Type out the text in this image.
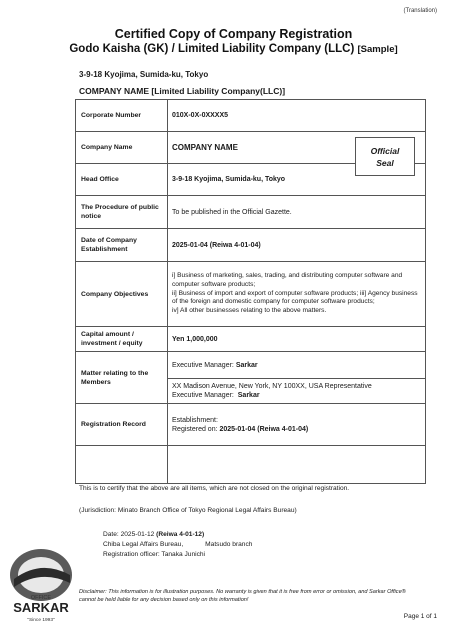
(Translation)
Certified Copy of Company Registration
Godo Kaisha (GK) / Limited Liability Company (LLC) [Sample]
3-9-18 Kyojima, Sumida-ku, Tokyo
COMPANY NAME [Limited Liability Company(LLC)]
Corporate Number	010X-0X-0XXXX5
Company Name	COMPANY NAME Official
Seal

Head Office	3-9-18 Kyojima, Sumida-ku, Tokyo
The Procedure of public notice	To be published in the Official Gazette.
Date of Company Establishment	2025-01-04 (Reiwa 4-01-04)
Company Objectives	i] Business of marketing, sales, trading, and distributing computer software and computer software products;

ii] Business of import and export of computer software products; iii] Agency business of the foreign and domestic company for computer software products;

iv] All other businesses relating to the above matters.

Capital amount / investment / equity	Yen 1,000,000
Matter relating to the Members	Executive Manager:
Sarkar
XX Madison Avenue, New York, NY 100XX, USA Representative
Executive Manager:  Sarkar

Registration Record	Establishment:
Registered on: 2025-01-04 (Reiwa 4-01-04)

This is to certify that the above are all items, which are not closed on the original registration.
(Jurisdiction: Minato Branch Office of Tokyo Regional Legal Affairs Bureau)
Date: 2025-01-12 (Reiwa 4-01-12)
Chiba Legal Affairs Bureau,	Matsudo branch
Registration officer: Tanaka Junichi
OFFICE
SARKAR
"Since 1993"
Disclaimer: This information is for illustration purposes. No warranty is given that it is free from error or omission, and Sarkar Office® cannot be held liable for any decision based only on this information!
Page 1 of 1
